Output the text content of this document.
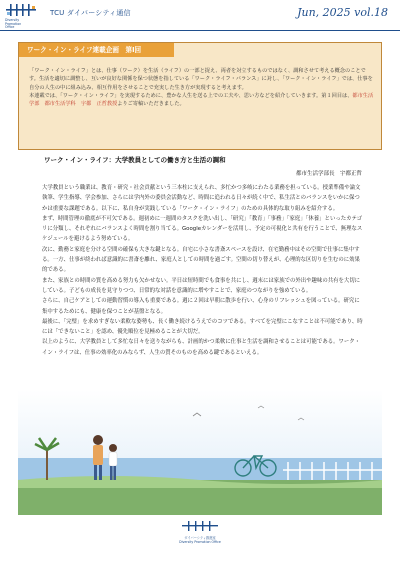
Diversity
Promotion
Office
TCU ダイバーシティ通信	Jun, 2025 vol.18
ワーク・イン・ライフ連載企画　第Ⅰ回

「ワーク・イン・ライフ」とは、仕事（ワーク）を生活（ライフ）の一部と捉え、両者を対立するものではなく、調和させて考える概念のことです。生活を適切に調整し、互いが良好な関係を保つ状態を指している「ワーク・ライフ・バランス」に対し、「ワーク・イン・ライフ」では、仕事を自分の人生の中に組み込み、相互作用をさせることで充実した生き方が実現すると考えます。

本連載では、「ワーク・イン・ライフ」を実現するために、豊かな人生を送る上での工夫や、思い方などを紹介していきます。第１回目は、都市生活学部　都市生活学科　宇都　正哲教授よりご寄稿いただきました。

ワーク・イン・ライフ：大学教員としての働き方と生活の調和
都市生活学部長　宇都正哲

大学教員という職業は、教育・研究・社会貢献という三本柱に支えられ、多忙かつ多岐にわたる業務を担っている。授業準備や論文執筆、学生指導、学会参加、さらには学内外の委員会活動など、時間に追われる日々が続く中で、私生活とのバランスをいかに保つかは重要な課題である。以下に、私自身が実践している「ワーク・イン・ライフ」のための具体的な取り組みを紹介する。

まず、時間管理の徹底が不可欠である。週初めに一週間のタスクを洗い出し、「研究」「教育」「事務」「家庭」「休養」といったカテゴリに分類し、それぞれにバランスよく時間を割り当てる。Googleカレンダーを活用し、予定の可視化と共有を行うことで、無理なスケジュールを避けるよう努めている。

次に、勤務と家庭を分ける空間の確保も大きな鍵となる。自宅に小さな書斎スペースを設け、在宅勤務中はその空間で仕事に集中する。一方、仕事が終われば意識的に書斎を離れ、家庭人としての時間を過ごす。空間の切り替えが、心理的な区切りを生むのに効果的である。

また、家族との時間の質を高める努力も欠かせない。平日は短時間でも食事を共にし、週末には家族での外出や趣味の共有を大切にしている。子どもの成長を見守りつつ、日常的な対話を意識的に増やすことで、家庭のつながりを強めている。

さらに、自己ケアとしての運動習慣の導入も重要である。週に２回は早朝に散歩を行い、心身のリフレッシュを図っている。研究に集中するためにも、健康を保つことが基盤となる。

最後に、「完璧」を求めすぎない柔軟な姿勢も、長く働き続けるうえでのコツである。すべてを完璧にこなすことは不可能であり、時には「できないこと」を認め、優先順位を見極めることが大切だ。

以上のように、大学教員として多忙な日々を送りながらも、計画的かつ柔軟に仕事と生活を調和させることは可能である。ワーク・イン・ライフは、仕事の効率化のみならず、人生の質そのものを高める鍵であるといえる。

ダイバーシティ推進室
Diversity Promotion Office
